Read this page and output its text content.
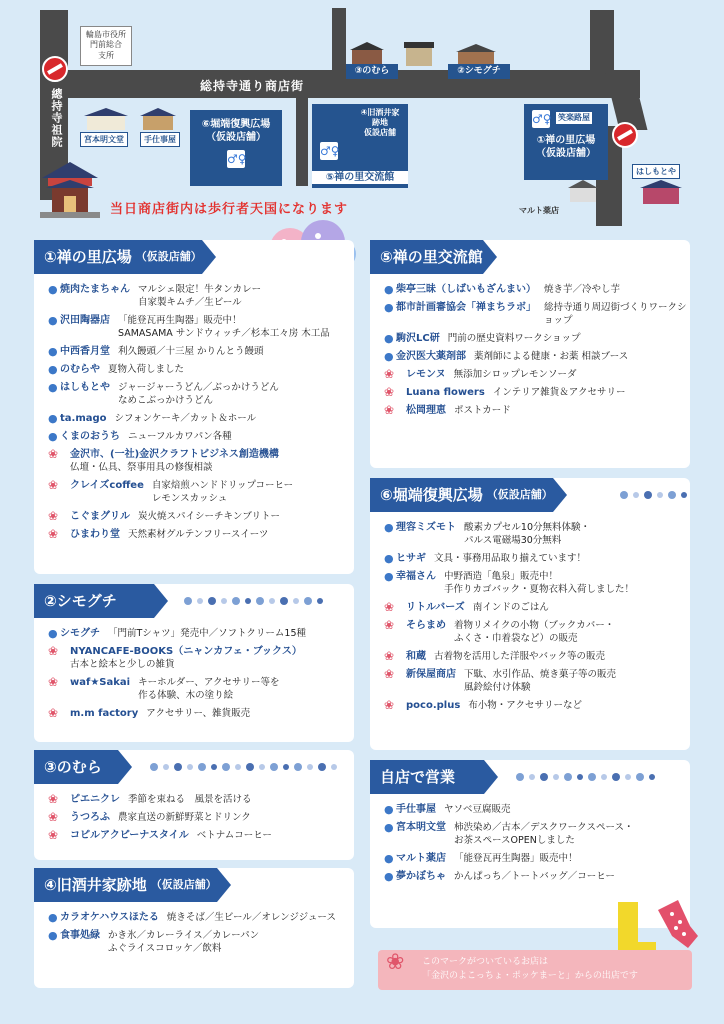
総持寺通り商店街
總持寺祖院
輪島市役所
門前総合
支所
③のむら	②シモグチ
宮本明文堂	手仕事屋
⑥堀端復興広場
（仮設店舗）
♂♀
④旧酒井家
跡地
仮設店舗
♂♀
⑤禅の里交流館
♂♀ 笑楽路屋
①禅の里広場
（仮設店舗）
マルト薬店
はしもとや
当日商店街内は歩行者天国になります
①禅の里広場 （仮設店舗）
● 焼肉たまちゃん マルシェ限定！牛タンカレー
自家製キムチ／生ビール
● 沢田陶器店 「能登瓦再生陶器」販売中！
SAMASAMA サンドウィッチ／杉本工々房 木工品
● 中西香月堂 利久饅頭／十三屋 かりんとう饅頭
● のむらや 夏物入荷しました
● はしもとや ジャージャーうどん／ぶっかけうどん
なめこぶっかけうどん
● ta.mago シフォンケーキ／カット＆ホール
● くまのおうち ニューフルカワパン各種
❀	金沢市、(一社)金沢クラフトビジネス創造機構
仏壇・仏具、祭事用具の修復相談
❀	クレイズcoffee 自家焙煎ハンドドリップコーヒー
レモンスカッシュ
❀	こぐまグリル 炭火焼スパイシーチキンブリトー
❀	ひまわり堂 天然素材グルテンフリースイーツ
②シモグチ
● シモグチ 「門前Tシャツ」発売中／ソフトクリーム15種
❀	NYANCAFE-BOOKS（ニャンカフェ・ブックス）
古本と絵本と少しの雑貨
❀	waf★Sakai キーホルダー、アクセサリー等を
作る体験、木の塗り絵
❀	m.m factory アクセサリー、雑貨販売
③のむら
❀	ピエニクレ 季節を束ねる　風景を活ける
❀	うつろふ 農家直送の新鮮野菜とドリンク
❀	コピルアクピーナスタイル ベトナムコーヒー
④旧酒井家跡地 （仮設店舗）
● カラオケハウスほたる 焼きそば／生ビール／オレンジジュース
● 食事処緑 かき氷／カレーライス／カレーパン
ふぐライスコロッケ／飲料
⑤禅の里交流館
● 柴亭三昧（しばいもざんまい） 焼き芋／冷やし芋
● 都市計画審協会「禅まちラボ」 総持寺通り周辺街づくりワークショップ
● 駒沢LC研 門前の歴史資料ワークショップ
● 金沢医大薬剤部 薬剤師による健康・お薬 相談ブース
❀	レモンヌ 無添加シロップレモンソーダ
❀	Luana flowers インテリア雑貨＆アクセサリー
❀	松岡理恵 ポストカード
⑥堀端復興広場 （仮設店舗）
● 理容ミズモト 酸素カプセル10分無料体験・
パルス電磁場30分無料
● ヒサギ 文具・事務用品取り揃えています！
● 幸福さん 中野酒造「亀泉」販売中！
手作りカゴバック・夏物衣料入荷しました！
❀	リトルバーズ 南インドのごはん
❀	そらまめ 着物リメイクの小物（ブックカバー・
ふくさ・巾着袋など）の販売
❀	和蔵 古着物を活用した洋服やバック等の販売
❀	新保屋商店 下駄、水引作品、焼き菓子等の販売
風鈴絵付け体験
❀	poco.plus 布小物・アクセサリーなど
自店で営業
● 手仕事屋 ヤソベ豆腐販売
● 宮本明文堂 柿渋染め／古本／デスクワークスペース・
お茶スペースOPENしました
● マルト薬店 「能登瓦再生陶器」販売中！
● 夢かぼちゃ かんぱっち／トートバッグ／コーヒー
❀ このマークがついているお店は
「金沢のよこっちょ・ポッケまーと」からの出店です
